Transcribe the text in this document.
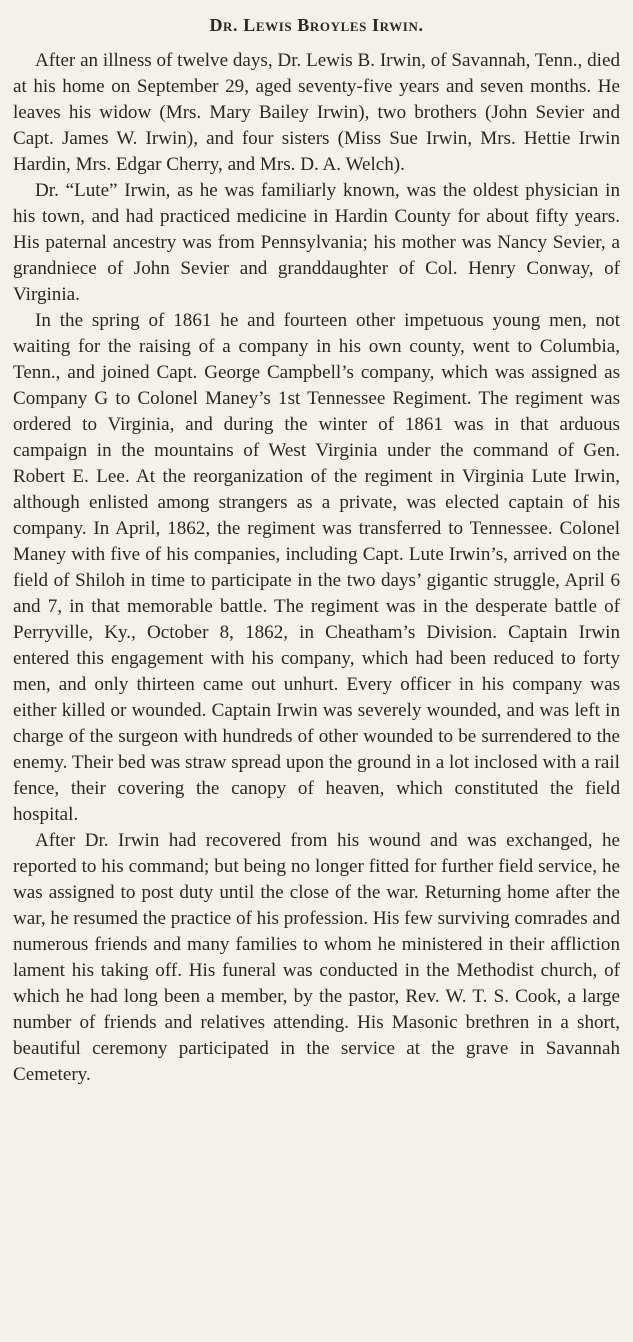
Dr. Lewis Broyles Irwin.

After an illness of twelve days, Dr. Lewis B. Irwin, of Savannah, Tenn., died at his home on September 29, aged seventy-five years and seven months. He leaves his widow (Mrs. Mary Bailey Irwin), two brothers (John Sevier and Capt. James W. Irwin), and four sisters (Miss Sue Irwin, Mrs. Hettie Irwin Hardin, Mrs. Edgar Cherry, and Mrs. D. A. Welch).

Dr. “Lute” Irwin, as he was familiarly known, was the oldest physician in his town, and had practiced medicine in Hardin County for about fifty years. His paternal ancestry was from Pennsylvania; his mother was Nancy Sevier, a grandniece of John Sevier and granddaughter of Col. Henry Conway, of Virginia.

In the spring of 1861 he and fourteen other impetuous young men, not waiting for the raising of a company in his own county, went to Columbia, Tenn., and joined Capt. George Campbell’s company, which was assigned as Company G to Colonel Maney’s 1st Tennessee Regiment. The regiment was ordered to Virginia, and during the winter of 1861 was in that arduous campaign in the mountains of West Virginia under the command of Gen. Robert E. Lee. At the reorganization of the regiment in Virginia Lute Irwin, although enlisted among strangers as a private, was elected captain of his company. In April, 1862, the regiment was transferred to Tennessee. Colonel Maney with five of his companies, including Capt. Lute Irwin’s, arrived on the field of Shiloh in time to participate in the two days’ gigantic struggle, April 6 and 7, in that memorable battle. The regiment was in the desperate battle of Perryville, Ky., October 8, 1862, in Cheatham’s Division. Captain Irwin entered this engagement with his company, which had been reduced to forty men, and only thirteen came out unhurt. Every officer in his company was either killed or wounded. Captain Irwin was severely wounded, and was left in charge of the surgeon with hundreds of other wounded to be surrendered to the enemy. Their bed was straw spread upon the ground in a lot inclosed with a rail fence, their covering the canopy of heaven, which constituted the field hospital.

After Dr. Irwin had recovered from his wound and was exchanged, he reported to his command; but being no longer fitted for further field service, he was assigned to post duty until the close of the war. Returning home after the war, he resumed the practice of his profession. His few surviving comrades and numerous friends and many families to whom he ministered in their affliction lament his taking off. His funeral was conducted in the Methodist church, of which he had long been a member, by the pastor, Rev. W. T. S. Cook, a large number of friends and relatives attending. His Masonic brethren in a short, beautiful ceremony participated in the service at the grave in Savannah Cemetery.
